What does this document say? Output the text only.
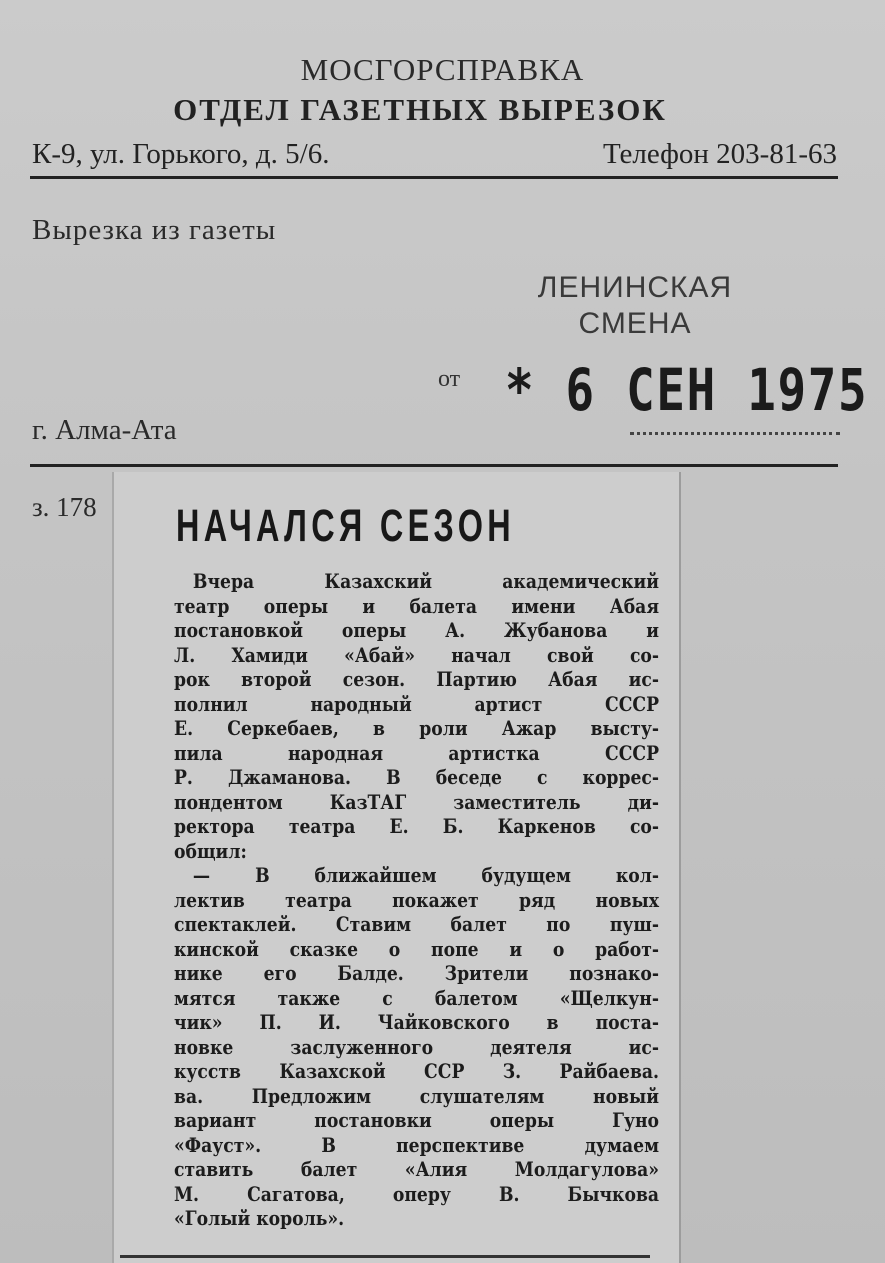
МОСГОРСПРАВКА
ОТДЕЛ ГАЗЕТНЫХ ВЫРЕЗОК
К-9, ул. Горького, д. 5/6.	Телефон 203-81-63
Вырезка из газеты
ЛЕНИНСКАЯ
СМЕНА
от * 6 СЕН 1975
г. Алма-Ата
з. 178 НАЧАЛСЯ СЕЗОН
Вчера Казахский академический
театр оперы и балета имени Абая
постановкой оперы А. Жубанова и
Л. Хамиди «Абай» начал свой со-
рок второй сезон. Партию Абая ис-
полнил народный артист СССР
Е. Серкебаев, в роли Ажар высту-
пила народная артистка СССР
Р. Джаманова. В беседе с коррес-
пондентом КазТАГ заместитель ди-
ректора театра Е. Б. Каркенов со-
общил:
— В ближайшем будущем кол-
лектив театра покажет ряд новых
спектаклей. Ставим балет по пуш-
кинской сказке о попе и о работ-
нике его Балде. Зрители познако-
мятся также с балетом «Щелкун-
чик» П. И. Чайковского в поста-
новке заслуженного деятеля ис-
кусств Казахской ССР З. Райбаева.
ва. Предложим слушателям новый
вариант постановки оперы Гуно
«Фауст». В перспективе думаем
ставить балет «Алия Молдагулова»
М. Сагатова, оперу В. Бычкова
«Голый король».
